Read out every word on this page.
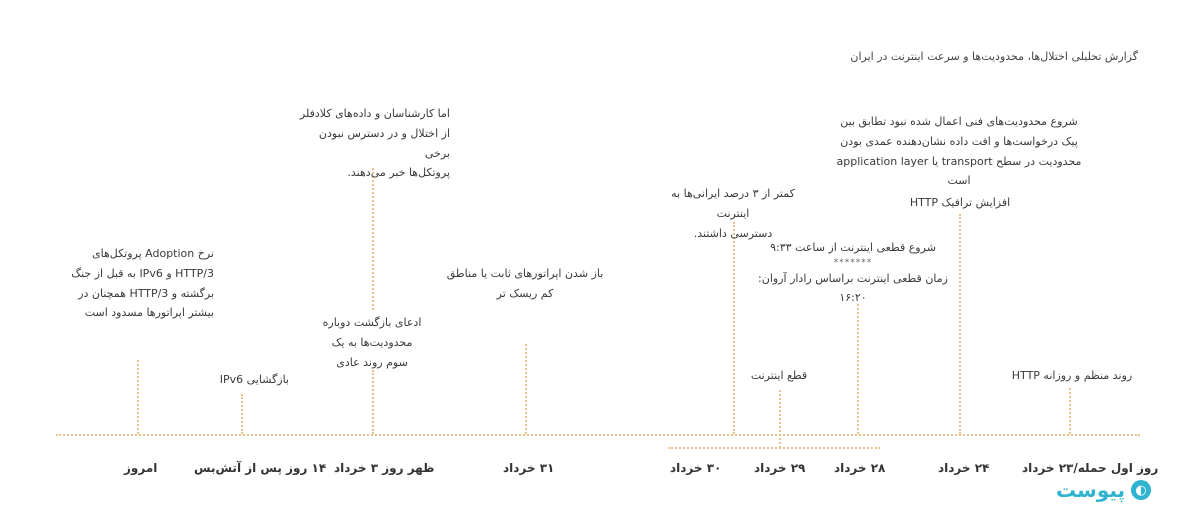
گزارش تحلیلی اختلال‌ها، محدودیت‌ها و سرعت اینترنت در ایران
نرخ Adoption پروتکل‌های
HTTP/3 و IPv6 به قبل از جنگ
برگشته و HTTP/3 همچنان در
بیشتر اپراتورها مسدود است
بازگشایی IPv6
اما کارشناسان و داده‌های کلادفلر
از اختلال و در دسترس نبودن برخی
پروتکل‌ها خبر می‌دهند.
ادعای بازگشت دوباره
محدودیت‌ها به یک
سوم روند عادی
باز شدن اپراتورهای ثابت یا مناطق
کم ریسک تر
کمتر از ۳ درصد ایرانی‌ها به اینترنت
دسترسی داشتند.
قطع اینترنت
شروع قطعی اینترنت از ساعت ۹:۳۳
*******
زمان قطعی اینترنت براساس رادار آروان: ۱۶:۲۰
افزایش ترافیک HTTP
شروع محدودیت‌های فنی اعمال شده نبود تطابق بین
پیک درخواست‌ها و افت داده نشان‌دهنده عمدی بودن
محدودیت در سطح transport یا application layer است
روند منظم و روزانه HTTP
امروز	۱۴ روز پس از آتش‌بس ظهر روز ۳ خرداد	۳۱ خرداد	۳۰ خرداد	۲۹ خرداد ۲۸ خرداد	۲۴ خرداد	روز اول حمله/۲۳ خرداد
پیوست ◐
